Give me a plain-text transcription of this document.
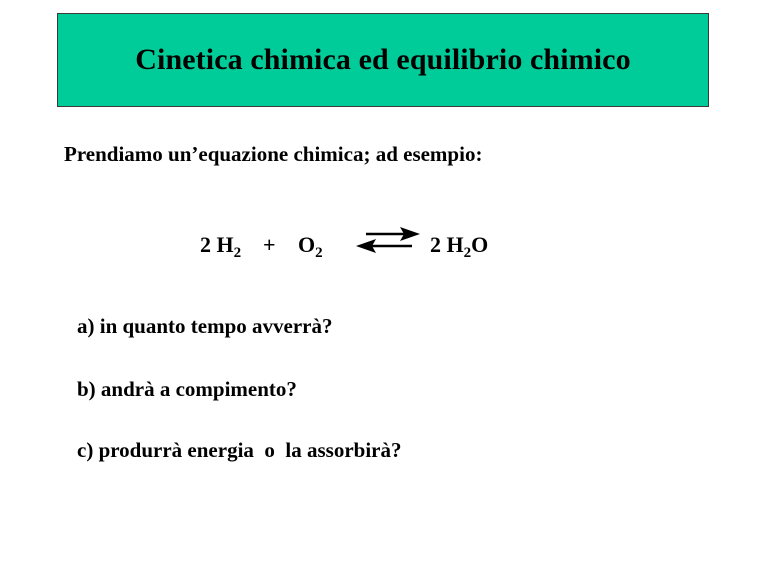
Cinetica chimica ed equilibrio chimico

Prendiamo un’equazione chimica; ad esempio:

2 $H_2 + O_2$ ⇌ 2 $H_2O$

a) in quanto tempo avverrà?

b) andrà a compimento?

c) produrrà energia  o  la assorbirà?
